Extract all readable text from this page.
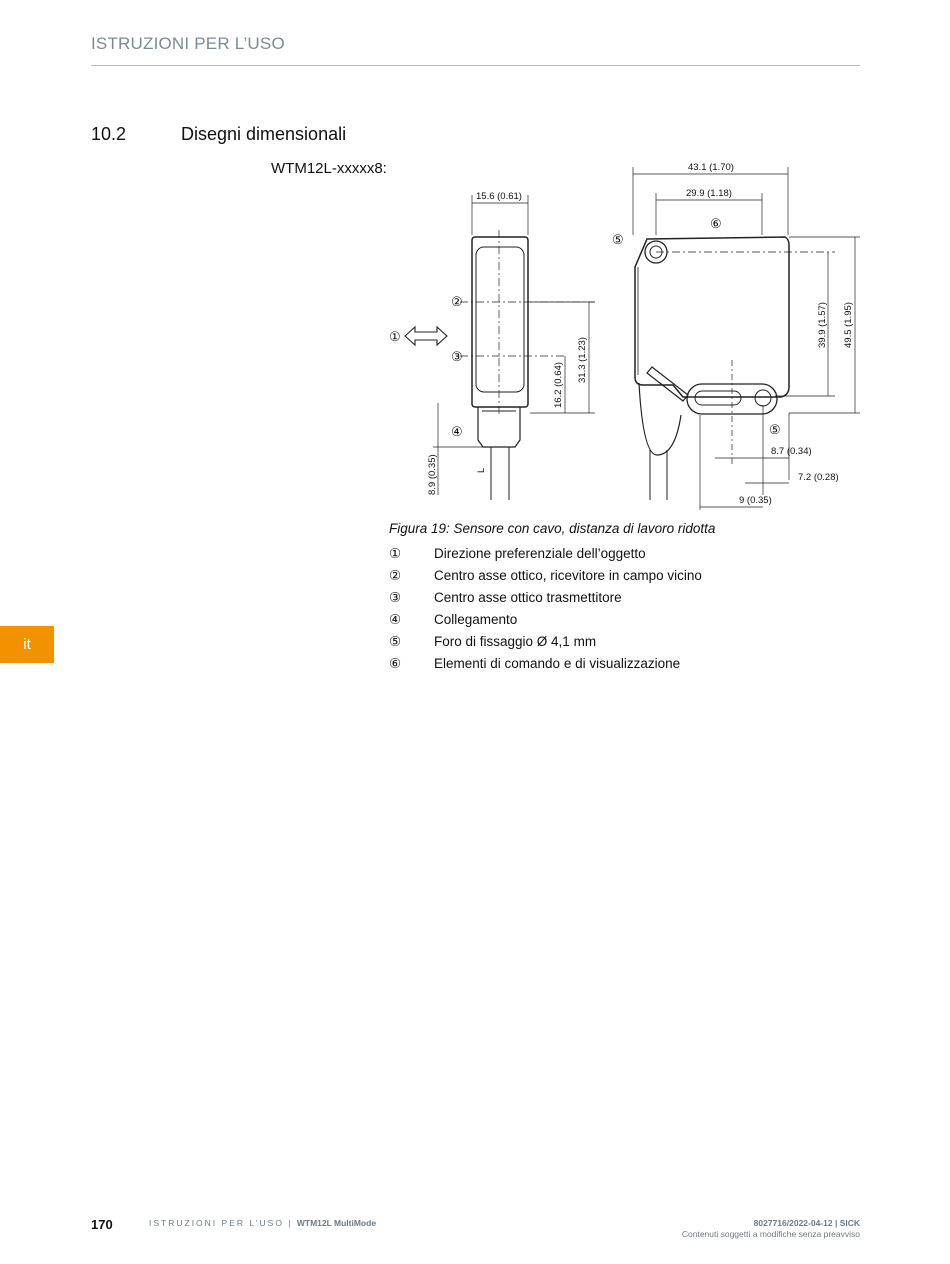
ISTRUZIONI PER L’USO
10.2	Disegni dimensionali
WTM12L-xxxxx8:	43.1 (1.70)
29.9 (1.18)
15.6 (0.61)
39.9 (1.57) 49.5 (1.95)
31.3 (1.23)
16.2 (0.64)
8.9 (0.35)
8.7 (0.34)
7.2 (0.28)
9 (0.35)
L
①
②
③
④
⑤
⑤
⑥
Figura 19: Sensore con cavo, distanza di lavoro ridotta
①	Direzione preferenziale dell’oggetto
②	Centro asse ottico, ricevitore in campo vicino
③	Centro asse ottico trasmettitore
④	Collegamento
⑤	Foro di fissaggio Ø 4,1 mm
⑥	Elementi di comando e di visualizzazione
it
170	ISTRUZIONI PER L’USO | WTM12L MultiMode	8027716/2022-04-12 | SICK
Contenuti soggetti a modifiche senza preavviso
